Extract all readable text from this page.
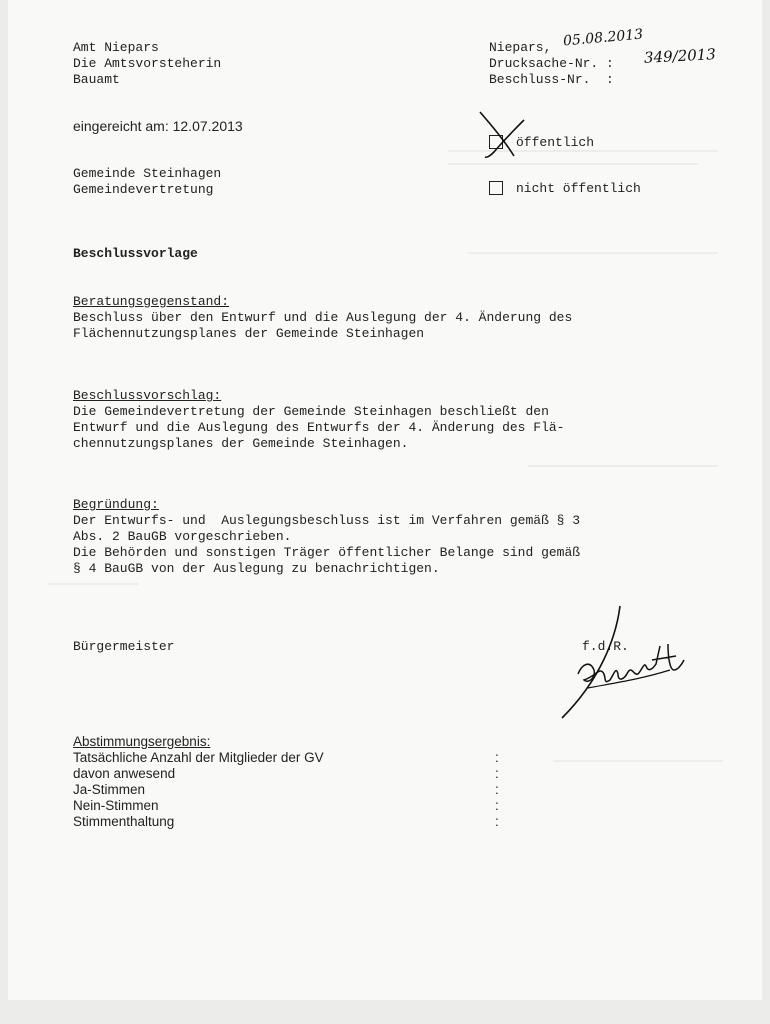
Amt Niepars
Die Amtsvorsteherin
Bauamt
Niepars, 05.08.2013
Drucksache-Nr. : 349/2013
Beschluss-Nr.  :
eingereicht am: 12.07.2013
öffentlich
Gemeinde Steinhagen
Gemeindevertretung	nicht öffentlich
Beschlussvorlage
Beratungsgegenstand:
Beschluss über den Entwurf und die Auslegung der 4. Änderung des
Flächennutzungsplanes der Gemeinde Steinhagen
Beschlussvorschlag:
Die Gemeindevertretung der Gemeinde Steinhagen beschließt den
Entwurf und die Auslegung des Entwurfs der 4. Änderung des Flä-
chennutzungsplanes der Gemeinde Steinhagen.
Begründung:
Der Entwurfs- und  Auslegungsbeschluss ist im Verfahren gemäß § 3
Abs. 2 BauGB vorgeschrieben.
Die Behörden und sonstigen Träger öffentlicher Belange sind gemäß
§ 4 BauGB von der Auslegung zu benachrichtigen.
Bürgermeister	f.d.R.
Abstimmungsergebnis:
Tatsächliche Anzahl der Mitglieder der GV	:
davon anwesend	:
Ja-Stimmen	:
Nein-Stimmen	:
Stimmenthaltung	:
